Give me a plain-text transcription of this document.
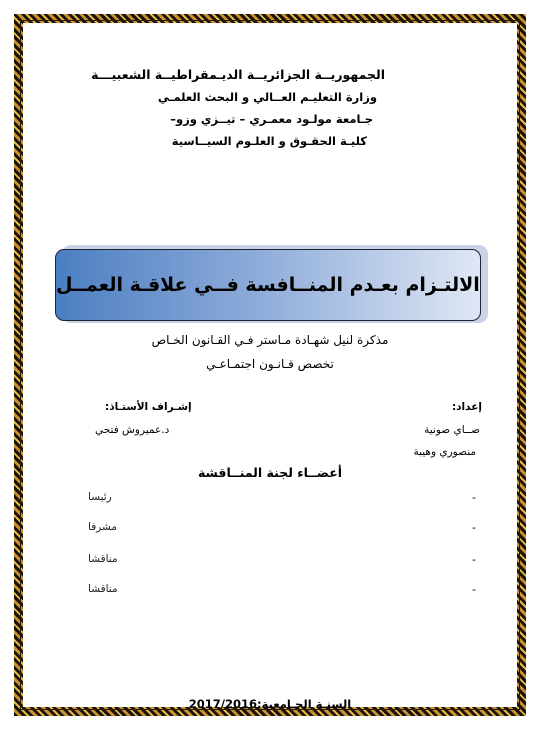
الجمهوريــة الجزائريــة الديـمقراطيــة الشعبيـــة
وزارة التعليـم العــالي و البحث العلمـي
جـامعة مولـود معمـري – تيــزي وزو–
كليـة الحقـوق و العلـوم السيــاسية
الالتـزام بعـدم المنــافسة فــي علاقـة العمــل
مذكرة لنيل شهـادة مـاستر فـي القـانون الخـاص
تخصص قـانـون اجتمـاعـي
إعداد:
صــاي صونية
منصوري وهيبة
إشـراف الأستـاذ:
د.عميروش فتحي
أعضــاء لجنة المنــاقشة
-
رئيسا
-
مشرفا
-
مناقشا
-
مناقشا
السنـة الجـامعية:2017/2016
